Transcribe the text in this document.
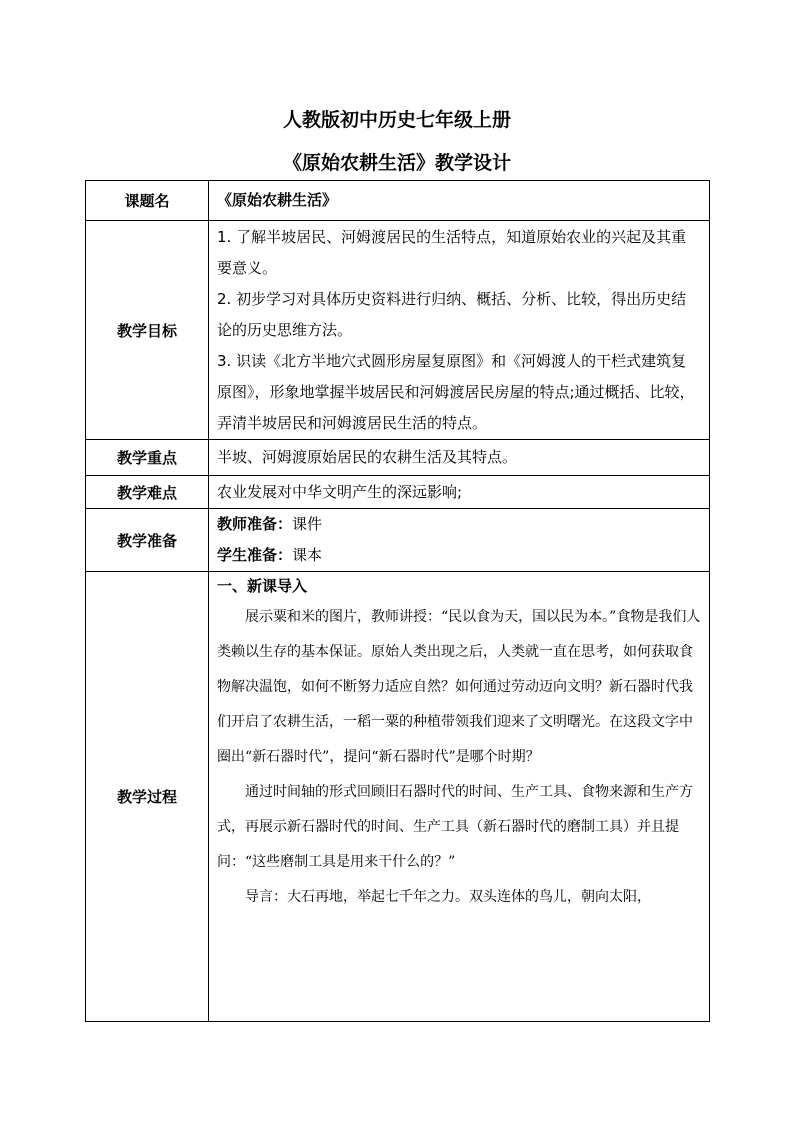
人教版初中历史七年级上册
《原始农耕生活》教学设计
课题名	《原始农耕生活》
教学目标	1. 了解半坡居民、河姆渡居民的生活特点，知道原始农业的兴起及其重要意义。
2. 初步学习对具体历史资料进行归纳、概括、分析、比较，得出历史结论的历史思维方法。
3. 识读《北方半地穴式圆形房屋复原图》和《河姆渡人的干栏式建筑复原图》，形象地掌握半坡居民和河姆渡居民房屋的特点;通过概括、比较，弄清半坡居民和河姆渡居民生活的特点。

教学重点	半坡、河姆渡原始居民的农耕生活及其特点。
教学难点	农业发展对中华文明产生的深远影响;
教学准备	教师准备：课件
学生准备：课本

教学过程	一、新课导入

展示粟和米的图片，教师讲授：“民以食为天，国以民为本。”食物是我们人类赖以生存的基本保证。原始人类出现之后，人类就一直在思考，如何获取食物解决温饱，如何不断努力适应自然？如何通过劳动迈向文明？新石器时代我们开启了农耕生活，一稻一粟的种植带领我们迎来了文明曙光。在这段文字中圈出“新石器时代”，提问“新石器时代”是哪个时期？

通过时间轴的形式回顾旧石器时代的时间、生产工具、食物来源和生产方式，再展示新石器时代的时间、生产工具（新石器时代的磨制工具）并且提问：“这些磨制工具是用来干什么的？”

导言：大石再地，举起七千年之力。双头连体的鸟儿，朝向太阳，
